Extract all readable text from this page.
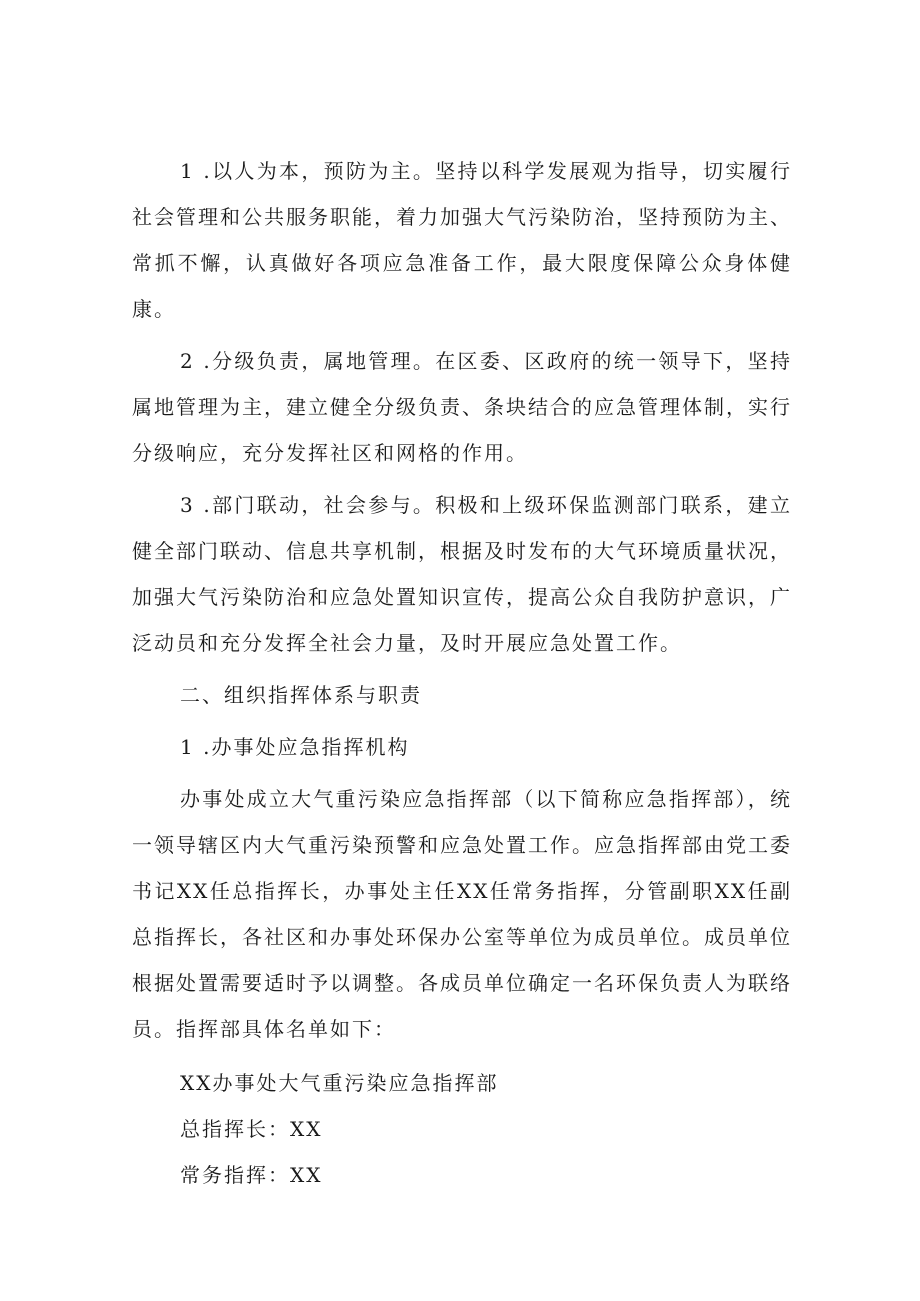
1 .以人为本，预防为主。坚持以科学发展观为指导，切实履行社会管理和公共服务职能，着力加强大气污染防治，坚持预防为主、常抓不懈，认真做好各项应急准备工作，最大限度保障公众身体健康。

2 .分级负责，属地管理。在区委、区政府的统一领导下，坚持属地管理为主，建立健全分级负责、条块结合的应急管理体制，实行分级响应，充分发挥社区和网格的作用。

3 .部门联动，社会参与。积极和上级环保监测部门联系，建立健全部门联动、信息共享机制，根据及时发布的大气环境质量状况，加强大气污染防治和应急处置知识宣传，提高公众自我防护意识，广泛动员和充分发挥全社会力量，及时开展应急处置工作。

二、组织指挥体系与职责

1 .办事处应急指挥机构

办事处成立大气重污染应急指挥部（以下简称应急指挥部），统一领导辖区内大气重污染预警和应急处置工作。应急指挥部由党工委书记XX任总指挥长，办事处主任XX任常务指挥，分管副职XX任副总指挥长，各社区和办事处环保办公室等单位为成员单位。成员单位根据处置需要适时予以调整。各成员单位确定一名环保负责人为联络员。指挥部具体名单如下：

XX办事处大气重污染应急指挥部

总指挥长：XX

常务指挥：XX
